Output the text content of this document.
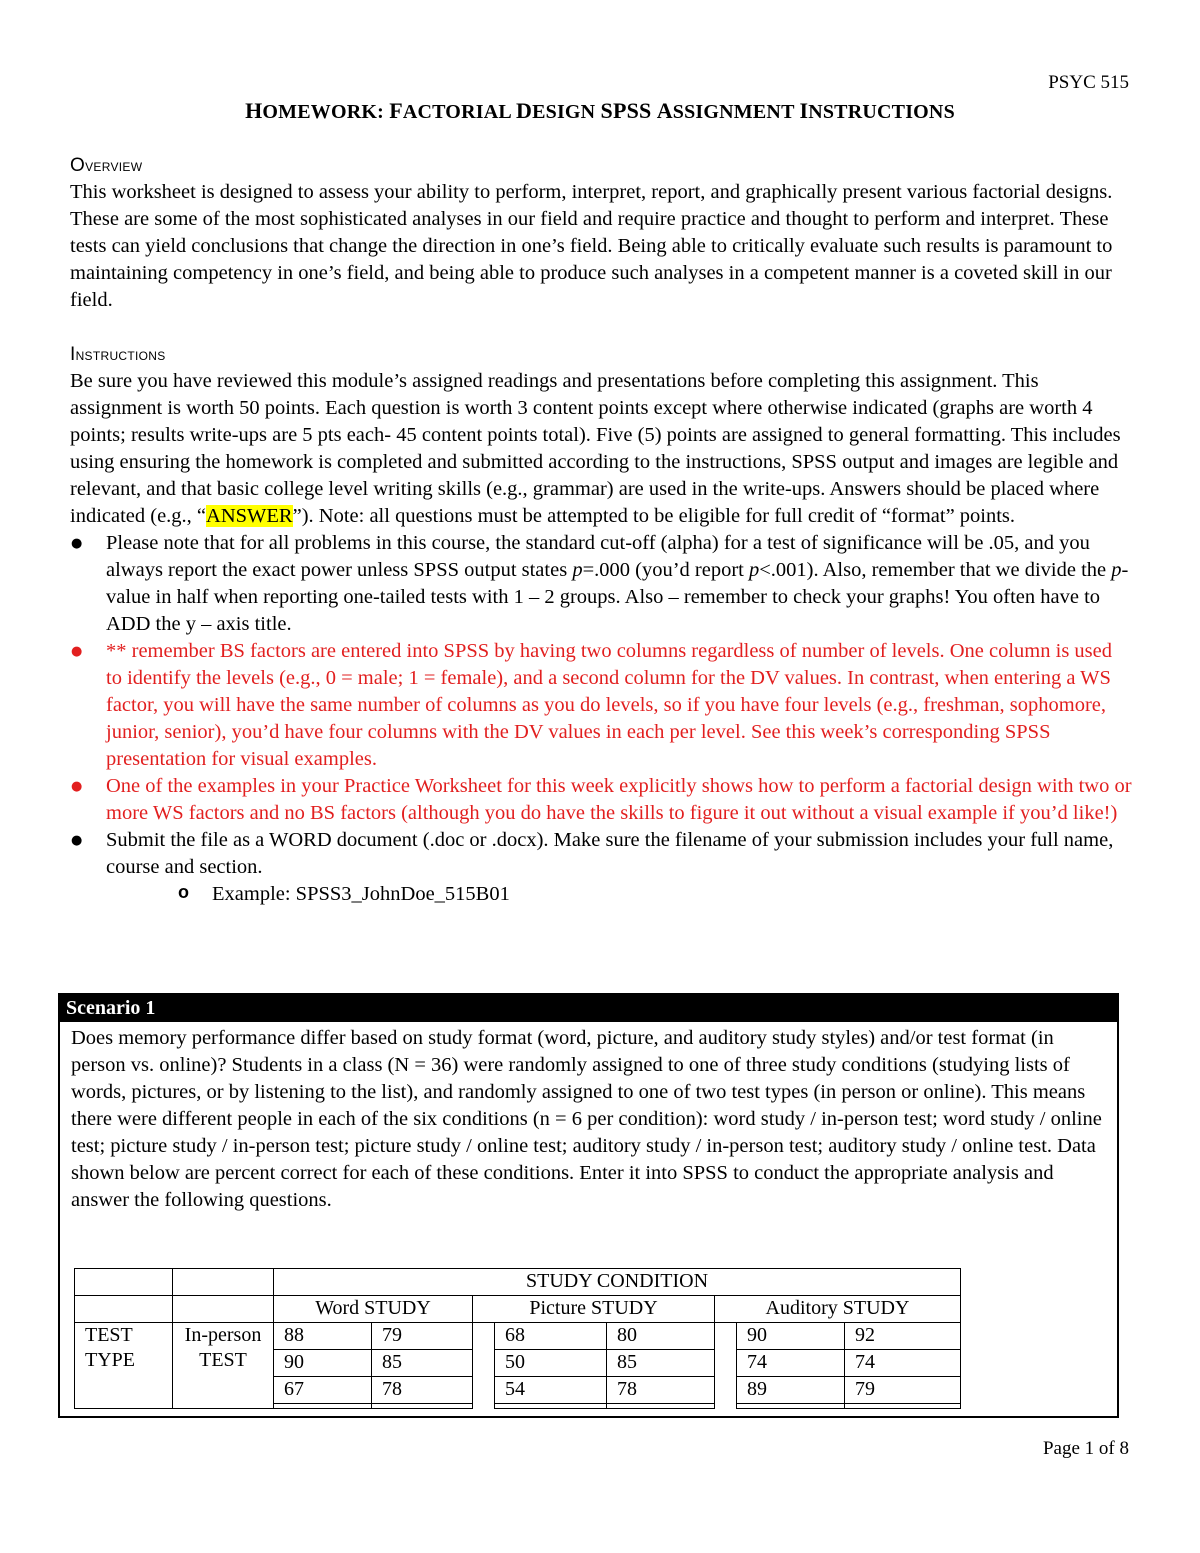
PSYC 515
HOMEWORK: FACTORIAL DESIGN SPSS ASSIGNMENT INSTRUCTIONS
Overview

This worksheet is designed to assess your ability to perform, interpret, report, and graphically present various factorial designs. These are some of the most sophisticated analyses in our field and require practice and thought to perform and interpret. These tests can yield conclusions that change the direction in one’s field. Being able to critically evaluate such results is paramount to maintaining competency in one’s field, and being able to produce such analyses in a competent manner is a coveted skill in our field.

Instructions

Be sure you have reviewed this module’s assigned readings and presentations before completing this assignment. This assignment is worth 50 points. Each question is worth 3 content points except where otherwise indicated (graphs are worth 4 points; results write-ups are 5 pts each- 45 content points total). Five (5) points are assigned to general formatting. This includes using ensuring the homework is completed and submitted according to the instructions, SPSS output and images are legible and relevant, and that basic college level writing skills (e.g., grammar) are used in the write-ups. Answers should be placed where indicated (e.g., “ANSWER”). Note: all questions must be attempted to be eligible for full credit of “format” points.

● Please note that for all problems in this course, the standard cut-off (alpha) for a test of significance will be .05, and you always report the exact power unless SPSS output states p=.000 (you’d report p<.001). Also, remember that we divide the p-value in half when reporting one-tailed tests with 1 – 2 groups. Also – remember to check your graphs! You often have to ADD the y – axis title.
● ** remember BS factors are entered into SPSS by having two columns regardless of number of levels. One column is used to identify the levels (e.g., 0 = male; 1 = female), and a second column for the DV values. In contrast, when entering a WS factor, you will have the same number of columns as you do levels, so if you have four levels (e.g., freshman, sophomore, junior, senior), you’d have four columns with the DV values in each per level. See this week’s corresponding SPSS presentation for visual examples.
● One of the examples in your Practice Worksheet for this week explicitly shows how to perform a factorial design with two or more WS factors and no BS factors (although you do have the skills to figure it out without a visual example if you’d like!)
● Submit the file as a WORD document (.doc or .docx). Make sure the filename of your submission includes your full name, course and section.
o Example: SPSS3_JohnDoe_515B01
Scenario 1
Does memory performance differ based on study format (word, picture, and auditory study styles) and/or test format (in person vs. online)? Students in a class (N = 36) were randomly assigned to one of three study conditions (studying lists of words, pictures, or by listening to the list), and randomly assigned to one of two test types (in person or online). This means there were different people in each of the six conditions (n = 6 per condition): word study / in-person test; word study / online test; picture study / in-person test; picture study / online test; auditory study / in-person test; auditory study / online test. Data shown below are percent correct for each of these conditions. Enter it into SPSS to conduct the appropriate analysis and answer the following questions.
		STUDY CONDITION							
		Word STUDY		Picture STUDY			Auditory STUDY		
TEST TYPE	In-person TEST	88	79		68	80		90	92
		90	85		50	85		74	74
		67	78		54	78		89	79

Page 1 of 8
